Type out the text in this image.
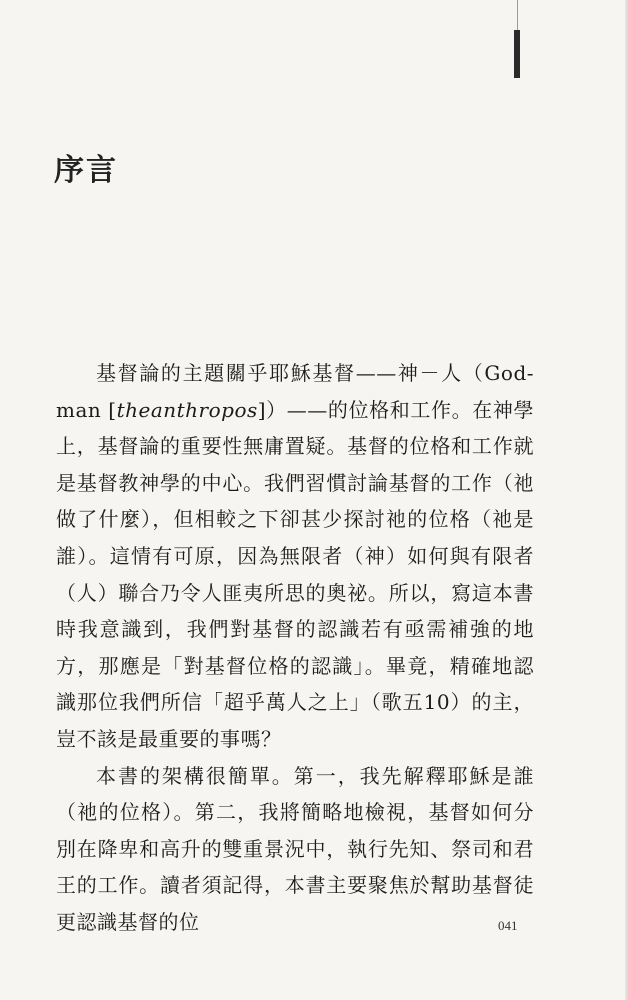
序言

基督論的主題關乎耶穌基督——神－人（God-man [theanthropos]）——的位格和工作。在神學上，基督論的重要性無庸置疑。基督的位格和工作就是基督教神學的中心。我們習慣討論基督的工作（祂做了什麼），但相較之下卻甚少探討祂的位格（祂是誰）。這情有可原，因為無限者（神）如何與有限者（人）聯合乃令人匪夷所思的奧祕。所以，寫這本書時我意識到，我們對基督的認識若有亟需補強的地方，那應是「對基督位格的認識」。畢竟，精確地認識那位我們所信「超乎萬人之上」（歌五10）的主，豈不該是最重要的事嗎？

本書的架構很簡單。第一，我先解釋耶穌是誰（祂的位格）。第二，我將簡略地檢視，基督如何分別在降卑和高升的雙重景況中，執行先知、祭司和君王的工作。讀者須記得，本書主要聚焦於幫助基督徒更認識基督的位	041
